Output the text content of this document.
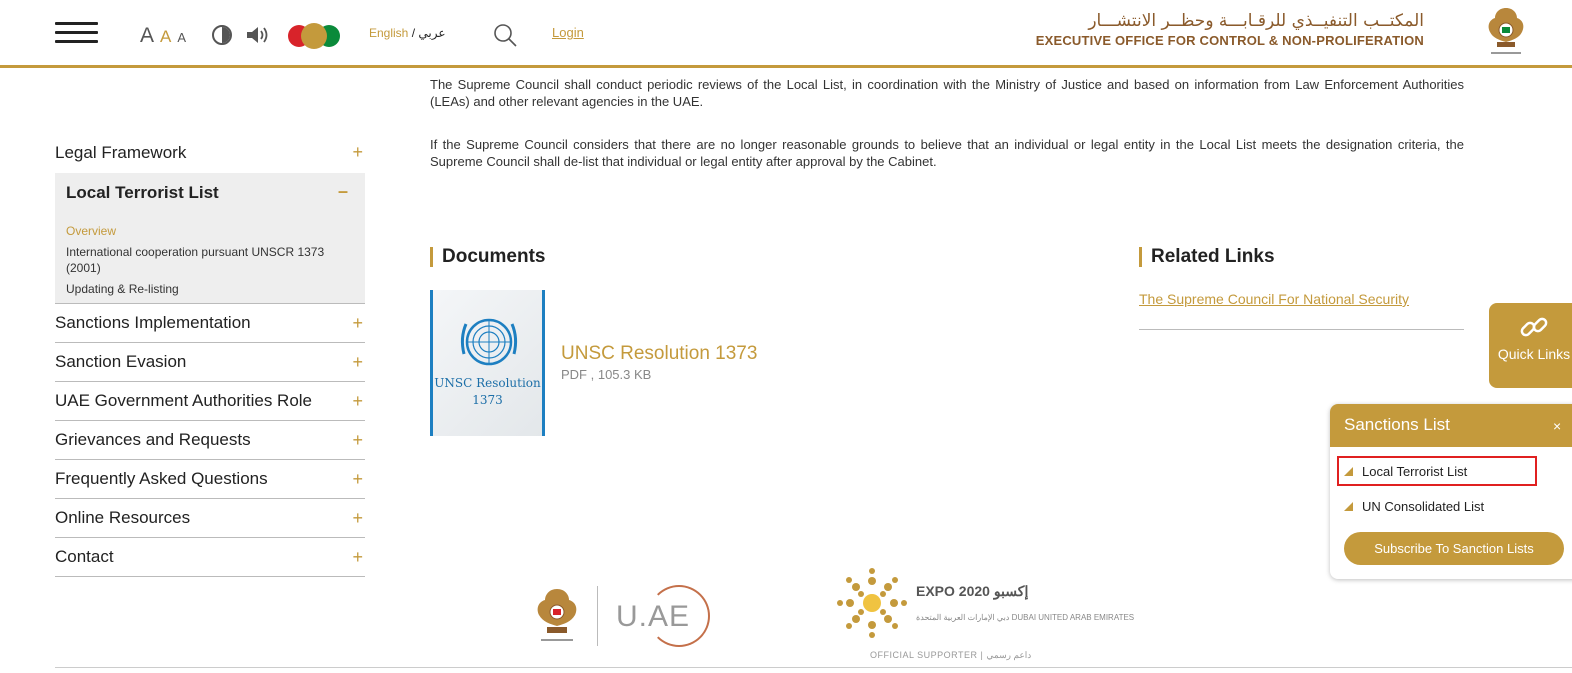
A A A	English / عربي	Login
المكتــب التنفيــذي للرقـابـــة وحظــر الانتشـــار
EXECUTIVE OFFICE FOR CONTROL & NON-PROLIFERATION
Legal Framework	+
Local Terrorist List	–
Overview
International cooperation pursuant UNSCR 1373 (2001)
Updating & Re-listing
Sanctions Implementation	+
Sanction Evasion	+
UAE Government Authorities Role +
Grievances and Requests	+
Frequently Asked Questions	+
Online Resources	+
Contact	+

The Supreme Council shall conduct periodic reviews of the Local List, in coordination with the Ministry of Justice and based on information from Law Enforcement Authorities (LEAs) and other relevant agencies in the UAE.

If the Supreme Council considers that there are no longer reasonable grounds to believe that an individual or legal entity in the Local List meets the designation criteria, the Supreme Council shall de-list that individual or legal entity after approval by the Cabinet.

Documents
UNSC Resolution
1373
UNSC Resolution 1373
PDF , 105.3 KB
Related Links
The Supreme Council For National Security
Quick Links
Sanctions List	×
Local Terrorist List
UN Consolidated List
Subscribe To Sanction Lists
U.AE
EXPO 2020 إكسبو
دبي الإمارات العربية المتحدة DUBAI UNITED ARAB EMIRATES
OFFICIAL SUPPORTER | داعم رسمي
